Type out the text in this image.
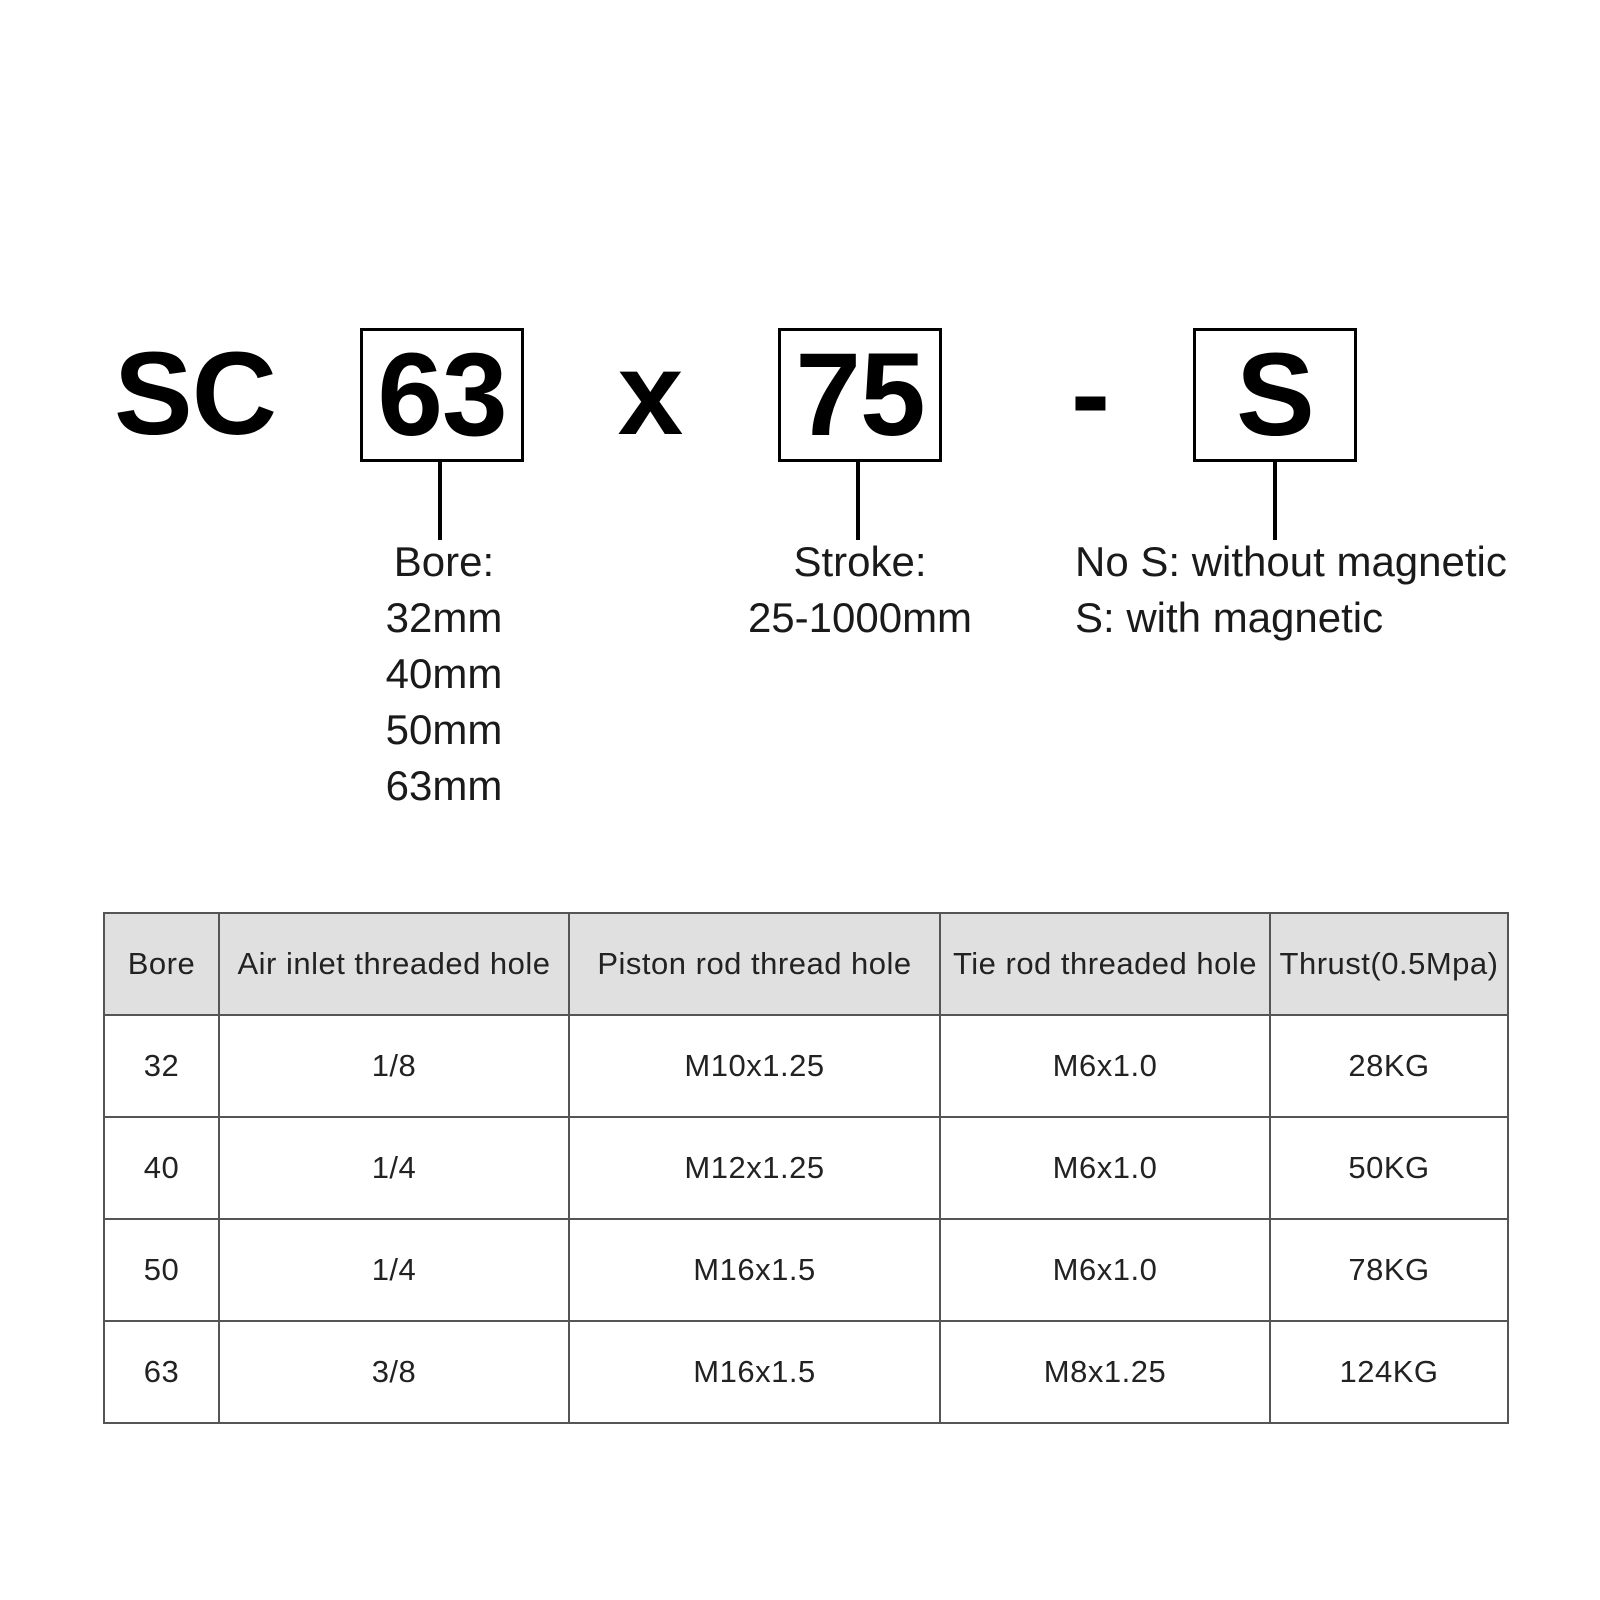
SC 63 x 75 - S
Bore:
32mm
40mm
50mm
63mm
Stroke:
25-1000mm
No S: without magnetic
S: with magnetic
Bore	Air inlet threaded hole	Piston rod thread hole	Tie rod threaded hole	Thrust(0.5Mpa)
32	1/8	M10x1.25	M6x1.0	28KG
40	1/4	M12x1.25	M6x1.0	50KG
50	1/4	M16x1.5	M6x1.0	78KG
63	3/8	M16x1.5	M8x1.25	124KG
